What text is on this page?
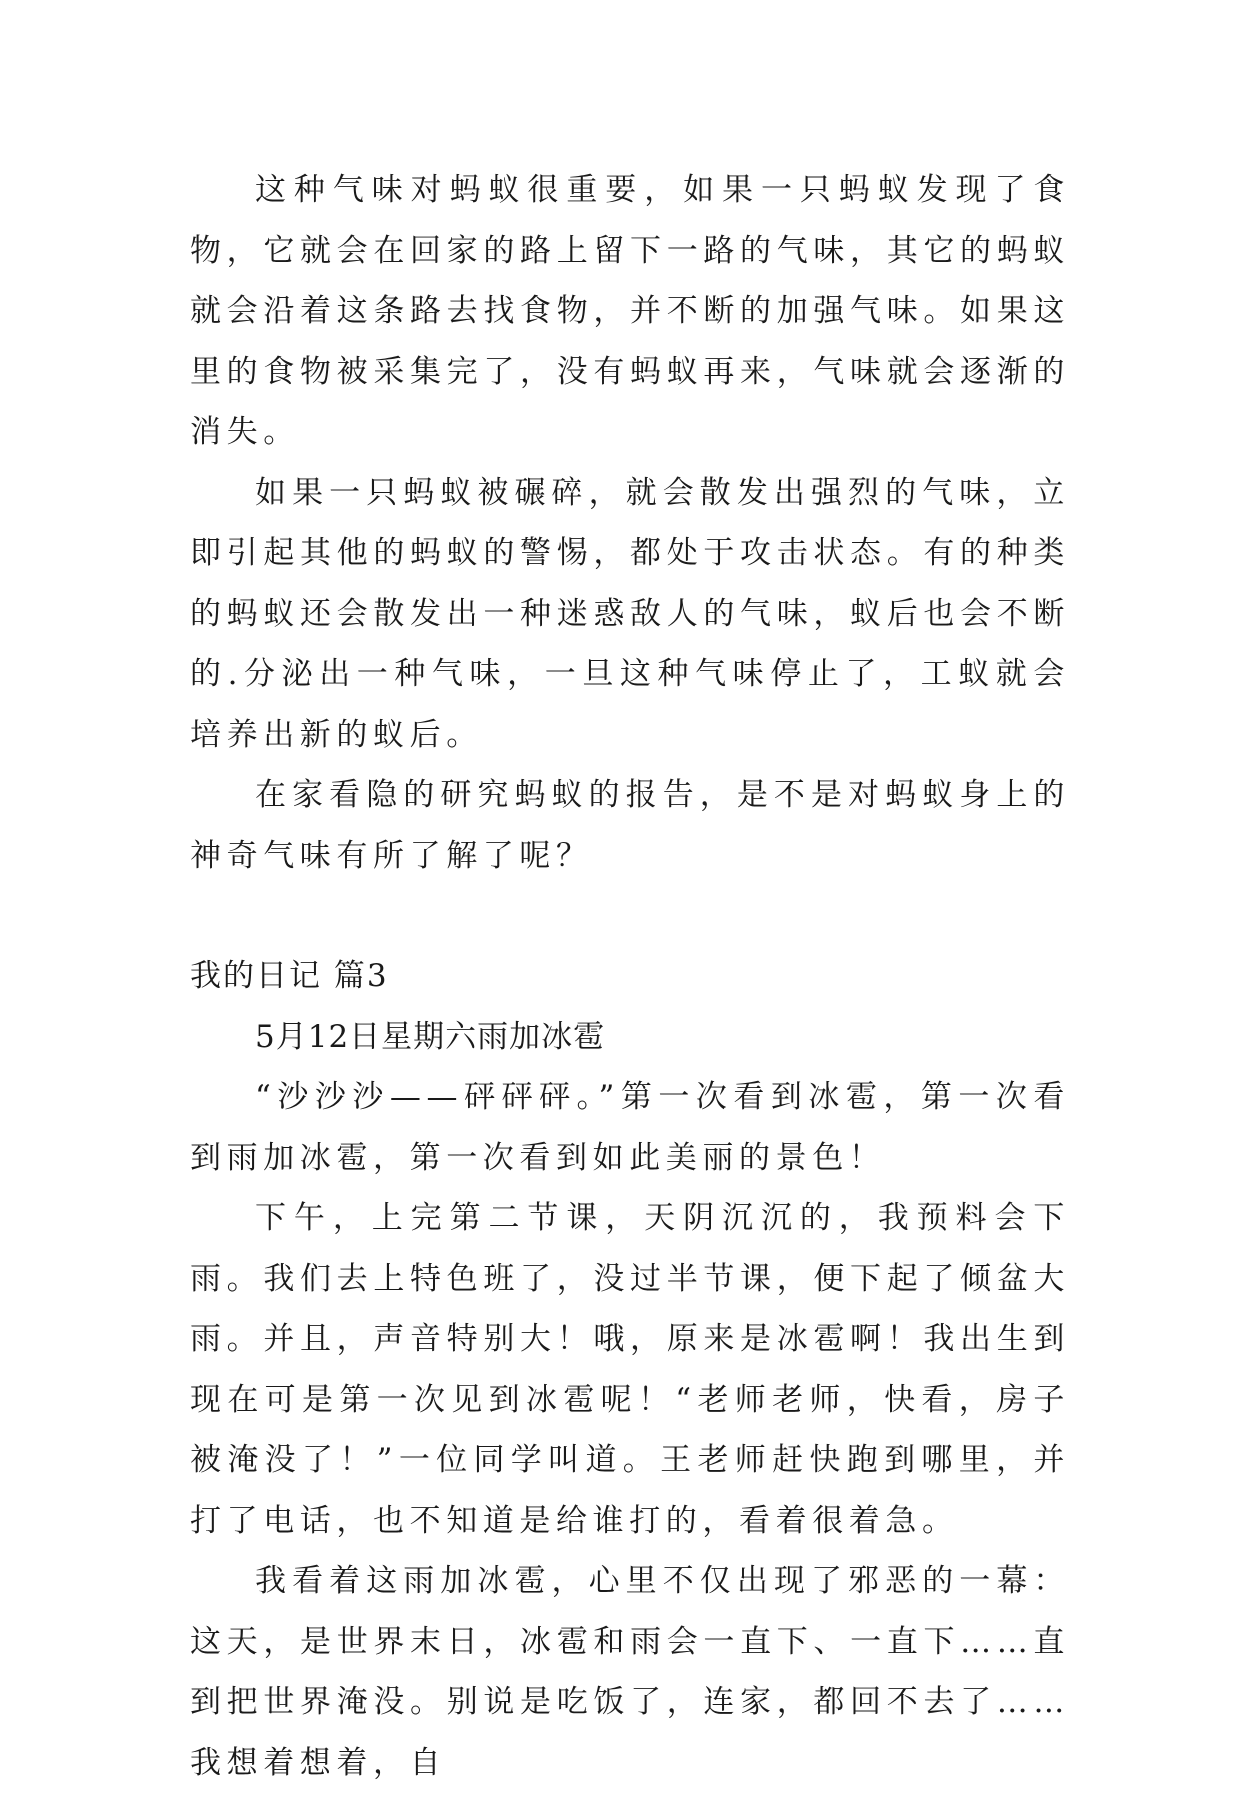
这种气味对蚂蚁很重要，如果一只蚂蚁发现了食物，它就会在回家的路上留下一路的气味，其它的蚂蚁就会沿着这条路去找食物，并不断的加强气味。如果这里的食物被采集完了，没有蚂蚁再来，气味就会逐渐的消失。

如果一只蚂蚁被碾碎，就会散发出强烈的气味，立即引起其他的蚂蚁的警惕，都处于攻击状态。有的种类的蚂蚁还会散发出一种迷惑敌人的气味，蚁后也会不断的.分泌出一种气味，一旦这种气味停止了，工蚁就会培养出新的蚁后。

在家看隐的研究蚂蚁的报告，是不是对蚂蚁身上的神奇气味有所了解了呢？

我的日记 篇3

5月12日星期六雨加冰雹

“沙沙沙——砰砰砰。”第一次看到冰雹，第一次看到雨加冰雹，第一次看到如此美丽的景色！

下午，上完第二节课，天阴沉沉的，我预料会下雨。我们去上特色班了，没过半节课，便下起了倾盆大雨。并且，声音特别大！哦，原来是冰雹啊！我出生到现在可是第一次见到冰雹呢！“老师老师，快看，房子被淹没了！”一位同学叫道。王老师赶快跑到哪里，并打了电话，也不知道是给谁打的，看着很着急。

我看着这雨加冰雹，心里不仅出现了邪恶的一幕：这天，是世界末日，冰雹和雨会一直下、一直下……直到把世界淹没。别说是吃饭了，连家，都回不去了……我想着想着，自
